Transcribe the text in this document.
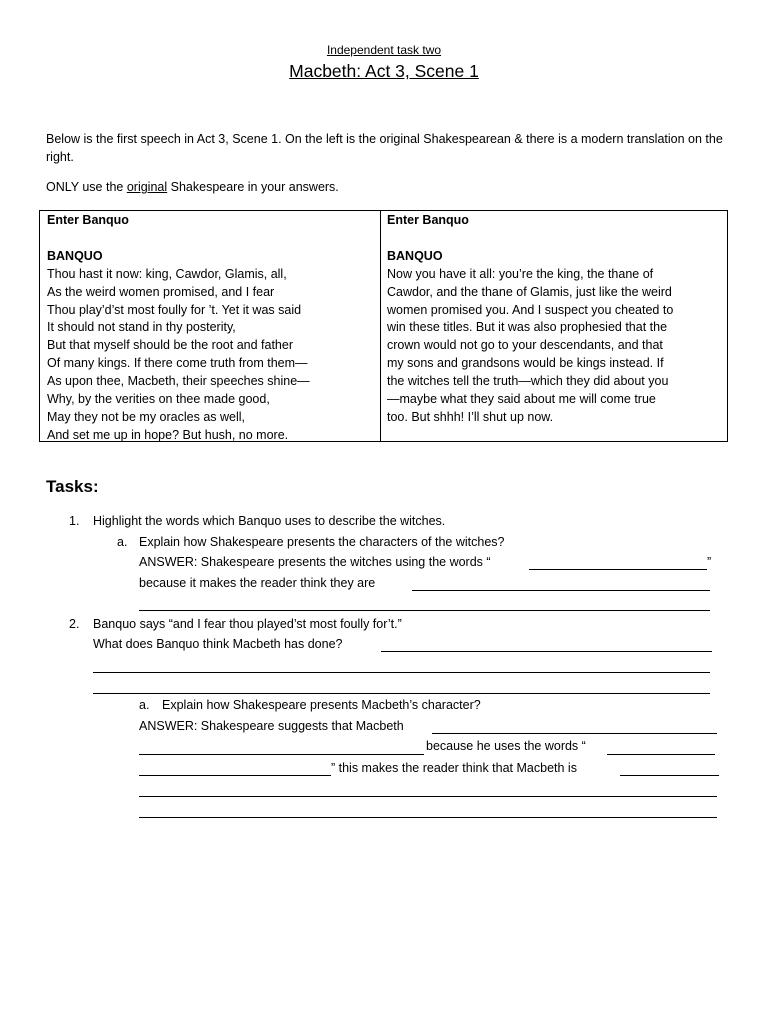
Independent task two
Macbeth: Act 3, Scene 1
Below is the first speech in Act 3, Scene 1. On the left is the original Shakespearean & there is a modern translation on the right.
ONLY use the original Shakespeare in your answers.
Enter Banquo
BANQUO
Thou hast it now: king, Cawdor, Glamis, all,
As the weird women promised, and I fear
Thou play’d’st most foully for ’t. Yet it was said
It should not stand in thy posterity,
But that myself should be the root and father
Of many kings. If there come truth from them—
As upon thee, Macbeth, their speeches shine—
Why, by the verities on thee made good,
May they not be my oracles as well,
And set me up in hope? But hush, no more.
Enter Banquo
BANQUO
Now you have it all: you’re the king, the thane of
Cawdor, and the thane of Glamis, just like the weird
women promised you. And I suspect you cheated to
win these titles. But it was also prophesied that the
crown would not go to your descendants, and that
my sons and grandsons would be kings instead. If
the witches tell the truth—which they did about you
—maybe what they said about me will come true
too. But shhh! I’ll shut up now.
Tasks:
1. Highlight the words which Banquo uses to describe the witches.
a. Explain how Shakespeare presents the characters of the witches?
ANSWER: Shakespeare presents the witches using the words “	”
because it makes the reader think they are
2. Banquo says “and I fear thou played’st most foully for’t.”
What does Banquo think Macbeth has done?
a. Explain how Shakespeare presents Macbeth’s character?
ANSWER: Shakespeare suggests that Macbeth
because he uses the words “
” this makes the reader think that Macbeth is
